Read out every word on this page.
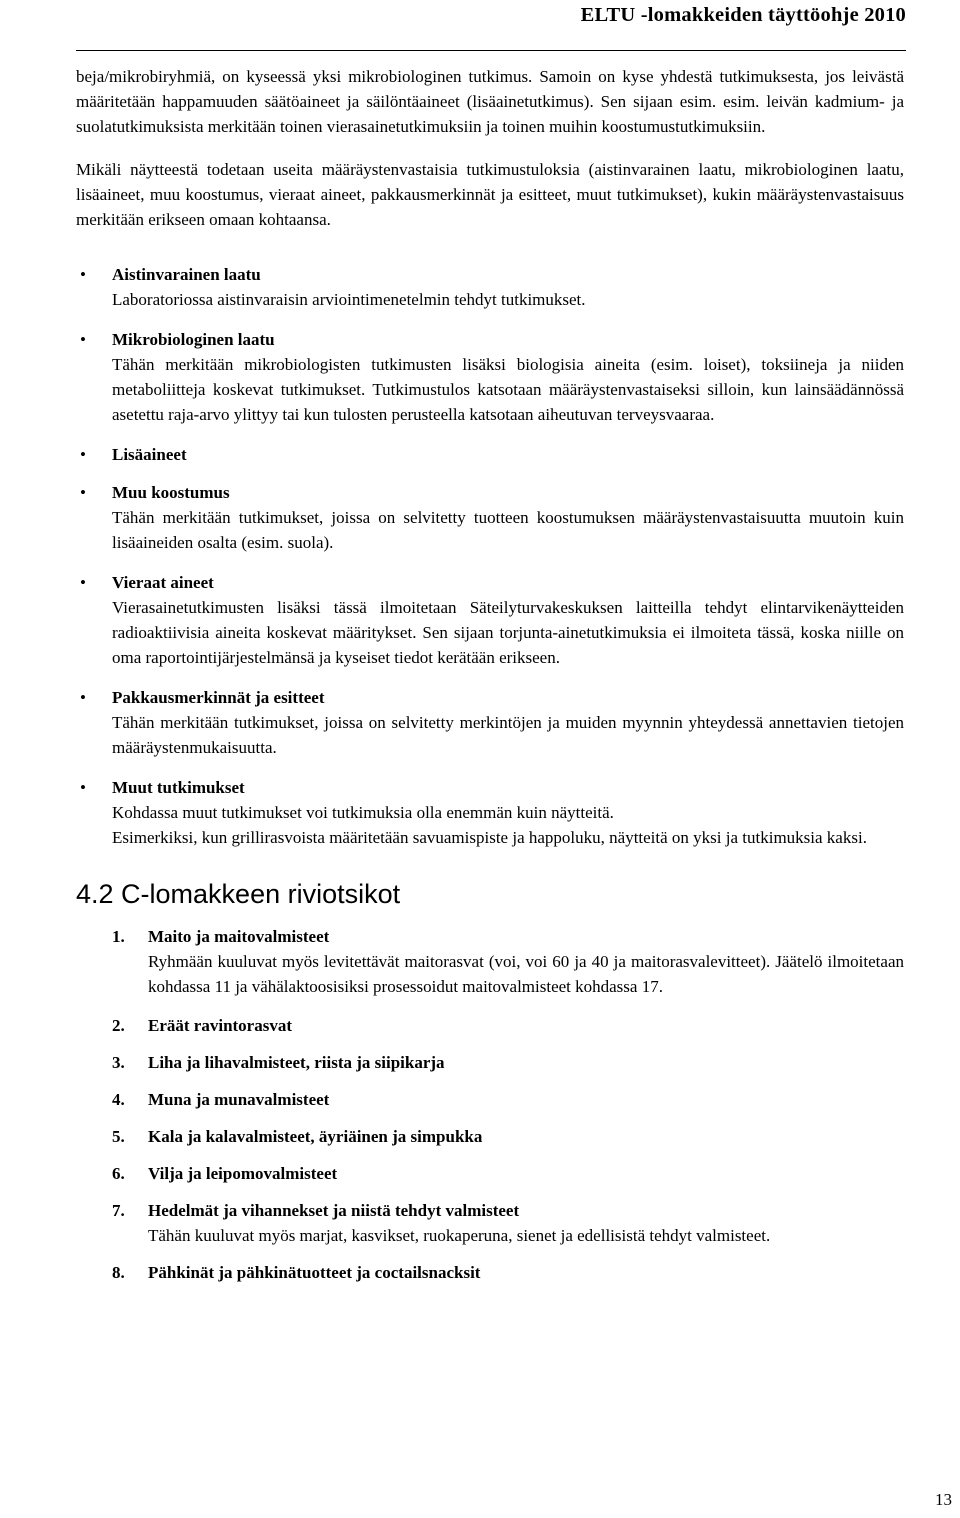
ELTU -lomakkeiden täyttöohje 2010

beja/mikrobiryhmiä, on kyseessä yksi mikrobiologinen tutkimus. Samoin on kyse yhdestä tutkimuksesta, jos leivästä määritetään happamuuden säätöaineet ja säilöntäaineet (lisäainetutkimus). Sen sijaan esim. esim. leivän kadmium- ja suolatutkimuksista merkitään toinen vierasainetutkimuksiin ja toinen muihin koostumustutkimuksiin.

Mikäli näytteestä todetaan useita määräystenvastaisia tutkimustuloksia (aistinvarainen laatu, mikrobiologinen laatu, lisäaineet, muu koostumus, vieraat aineet, pakkausmerkinnät ja esitteet, muut tutkimukset), kukin määräystenvastaisuus merkitään erikseen omaan kohtaansa.

• Aistinvarainen laatu
Laboratoriossa aistinvaraisin arviointimenetelmin tehdyt tutkimukset.
• Mikrobiologinen laatu
Tähän merkitään mikrobiologisten tutkimusten lisäksi biologisia aineita (esim. loiset), toksiineja ja niiden metaboliitteja koskevat tutkimukset. Tutkimustulos katsotaan määräystenvastaiseksi silloin, kun lainsäädännössä asetettu raja-arvo ylittyy tai kun tulosten perusteella katsotaan aiheutuvan terveysvaaraa.
• Lisäaineet
• Muu koostumus
Tähän merkitään tutkimukset, joissa on selvitetty tuotteen koostumuksen määräystenvastaisuutta muutoin kuin lisäaineiden osalta (esim. suola).
• Vieraat aineet
Vierasainetutkimusten lisäksi tässä ilmoitetaan Säteilyturvakeskuksen laitteilla tehdyt elintarvikenäytteiden radioaktiivisia aineita koskevat määritykset. Sen sijaan torjunta-ainetutkimuksia ei ilmoiteta tässä, koska niille on oma raportointijärjestelmänsä ja kyseiset tiedot kerätään erikseen.
• Pakkausmerkinnät ja esitteet
Tähän merkitään tutkimukset, joissa on selvitetty merkintöjen ja muiden myynnin yhteydessä annettavien tietojen määräystenmukaisuutta.
• Muut tutkimukset
Kohdassa muut tutkimukset voi tutkimuksia olla enemmän kuin näytteitä.
Esimerkiksi, kun grillirasvoista määritetään savuamispiste ja happoluku, näytteitä on yksi ja tutkimuksia kaksi.
4.2 C-lomakkeen riviotsikot
1. Maito ja maitovalmisteet
Ryhmään kuuluvat myös levitettävät maitorasvat (voi, voi 60 ja 40 ja maitorasvalevitteet). Jäätelö ilmoitetaan kohdassa 11 ja vähälaktoosisiksi prosessoidut maitovalmisteet kohdassa 17.
2. Eräät ravintorasvat
3. Liha ja lihavalmisteet, riista ja siipikarja
4. Muna ja munavalmisteet
5. Kala ja kalavalmisteet, äyriäinen ja simpukka
6. Vilja ja leipomovalmisteet
7. Hedelmät ja vihannekset ja niistä tehdyt valmisteet
Tähän kuuluvat myös marjat, kasvikset, ruokaperuna, sienet ja edellisistä tehdyt valmisteet.
8. Pähkinät ja pähkinätuotteet ja coctailsnacksit
13
